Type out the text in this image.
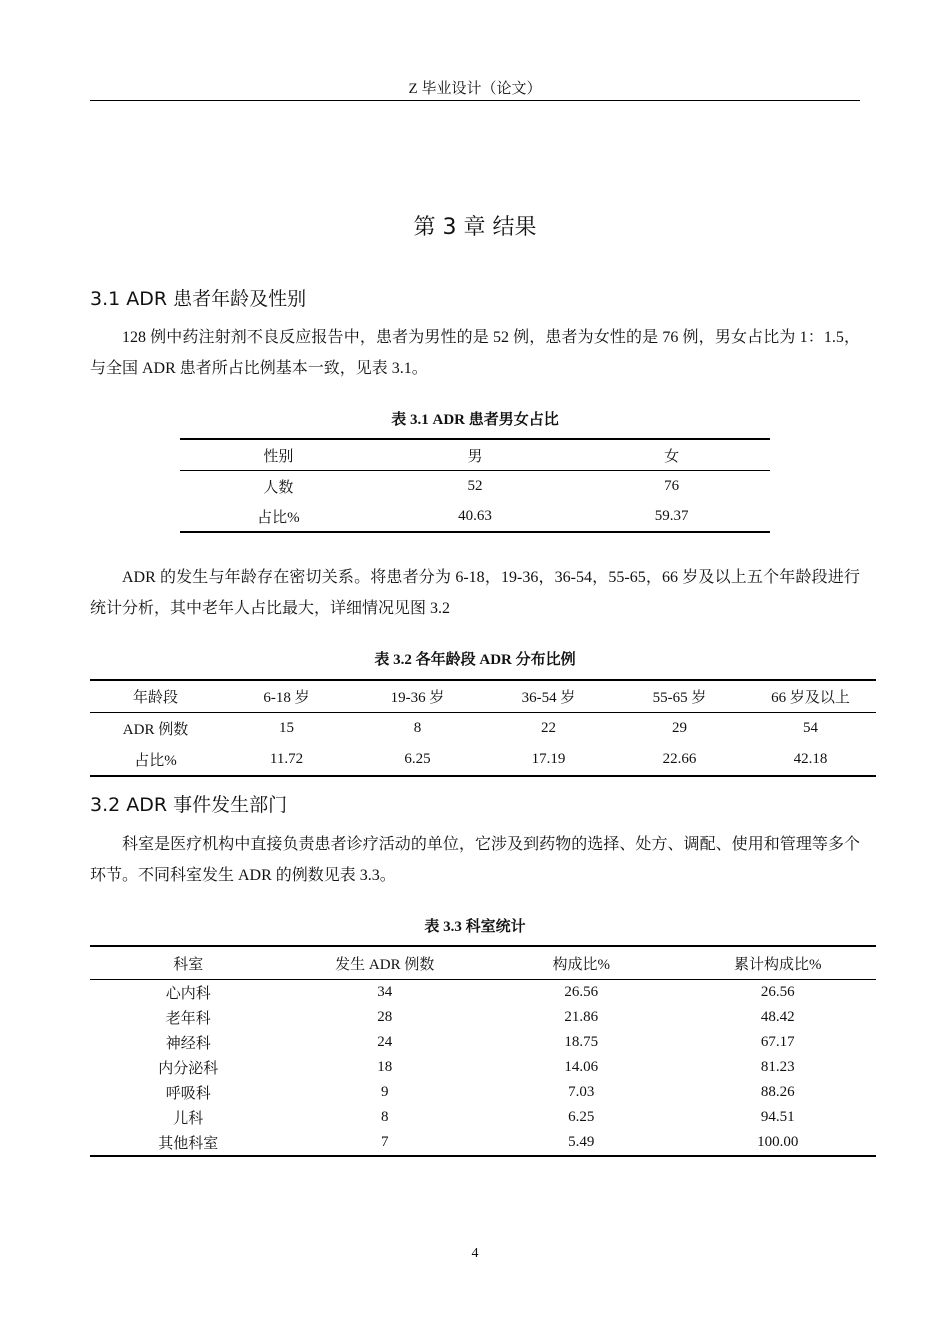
Z 毕业设计（论文）
第 3 章 结果
3.1 ADR 患者年龄及性别
128 例中药注射剂不良反应报告中，患者为男性的是 52 例，患者为女性的是 76 例，男女占比为 1：1.5，与全国 ADR 患者所占比例基本一致，见表 3.1。
表 3.1 ADR 患者男女占比
性别	男	女
人数	52	76
占比%	40.63	59.37
ADR 的发生与年龄存在密切关系。将患者分为 6-18，19-36，36-54，55-65，66 岁及以上五个年龄段进行统计分析，其中老年人占比最大，详细情况见图 3.2
表 3.2 各年龄段 ADR 分布比例
年龄段	6-18 岁	19-36 岁	36-54 岁	55-65 岁	66 岁及以上
ADR 例数	15	8	22	29	54
占比%	11.72	6.25	17.19	22.66	42.18
3.2 ADR 事件发生部门
科室是医疗机构中直接负责患者诊疗活动的单位，它涉及到药物的选择、处方、调配、使用和管理等多个环节。不同科室发生 ADR 的例数见表 3.3。
表 3.3 科室统计
科室	发生 ADR 例数	构成比%	累计构成比%
心内科	34	26.56	26.56
老年科	28	21.86	48.42
神经科	24	18.75	67.17
内分泌科	18	14.06	81.23
呼吸科	9	7.03	88.26
儿科	8	6.25	94.51
其他科室	7	5.49	100.00
4
